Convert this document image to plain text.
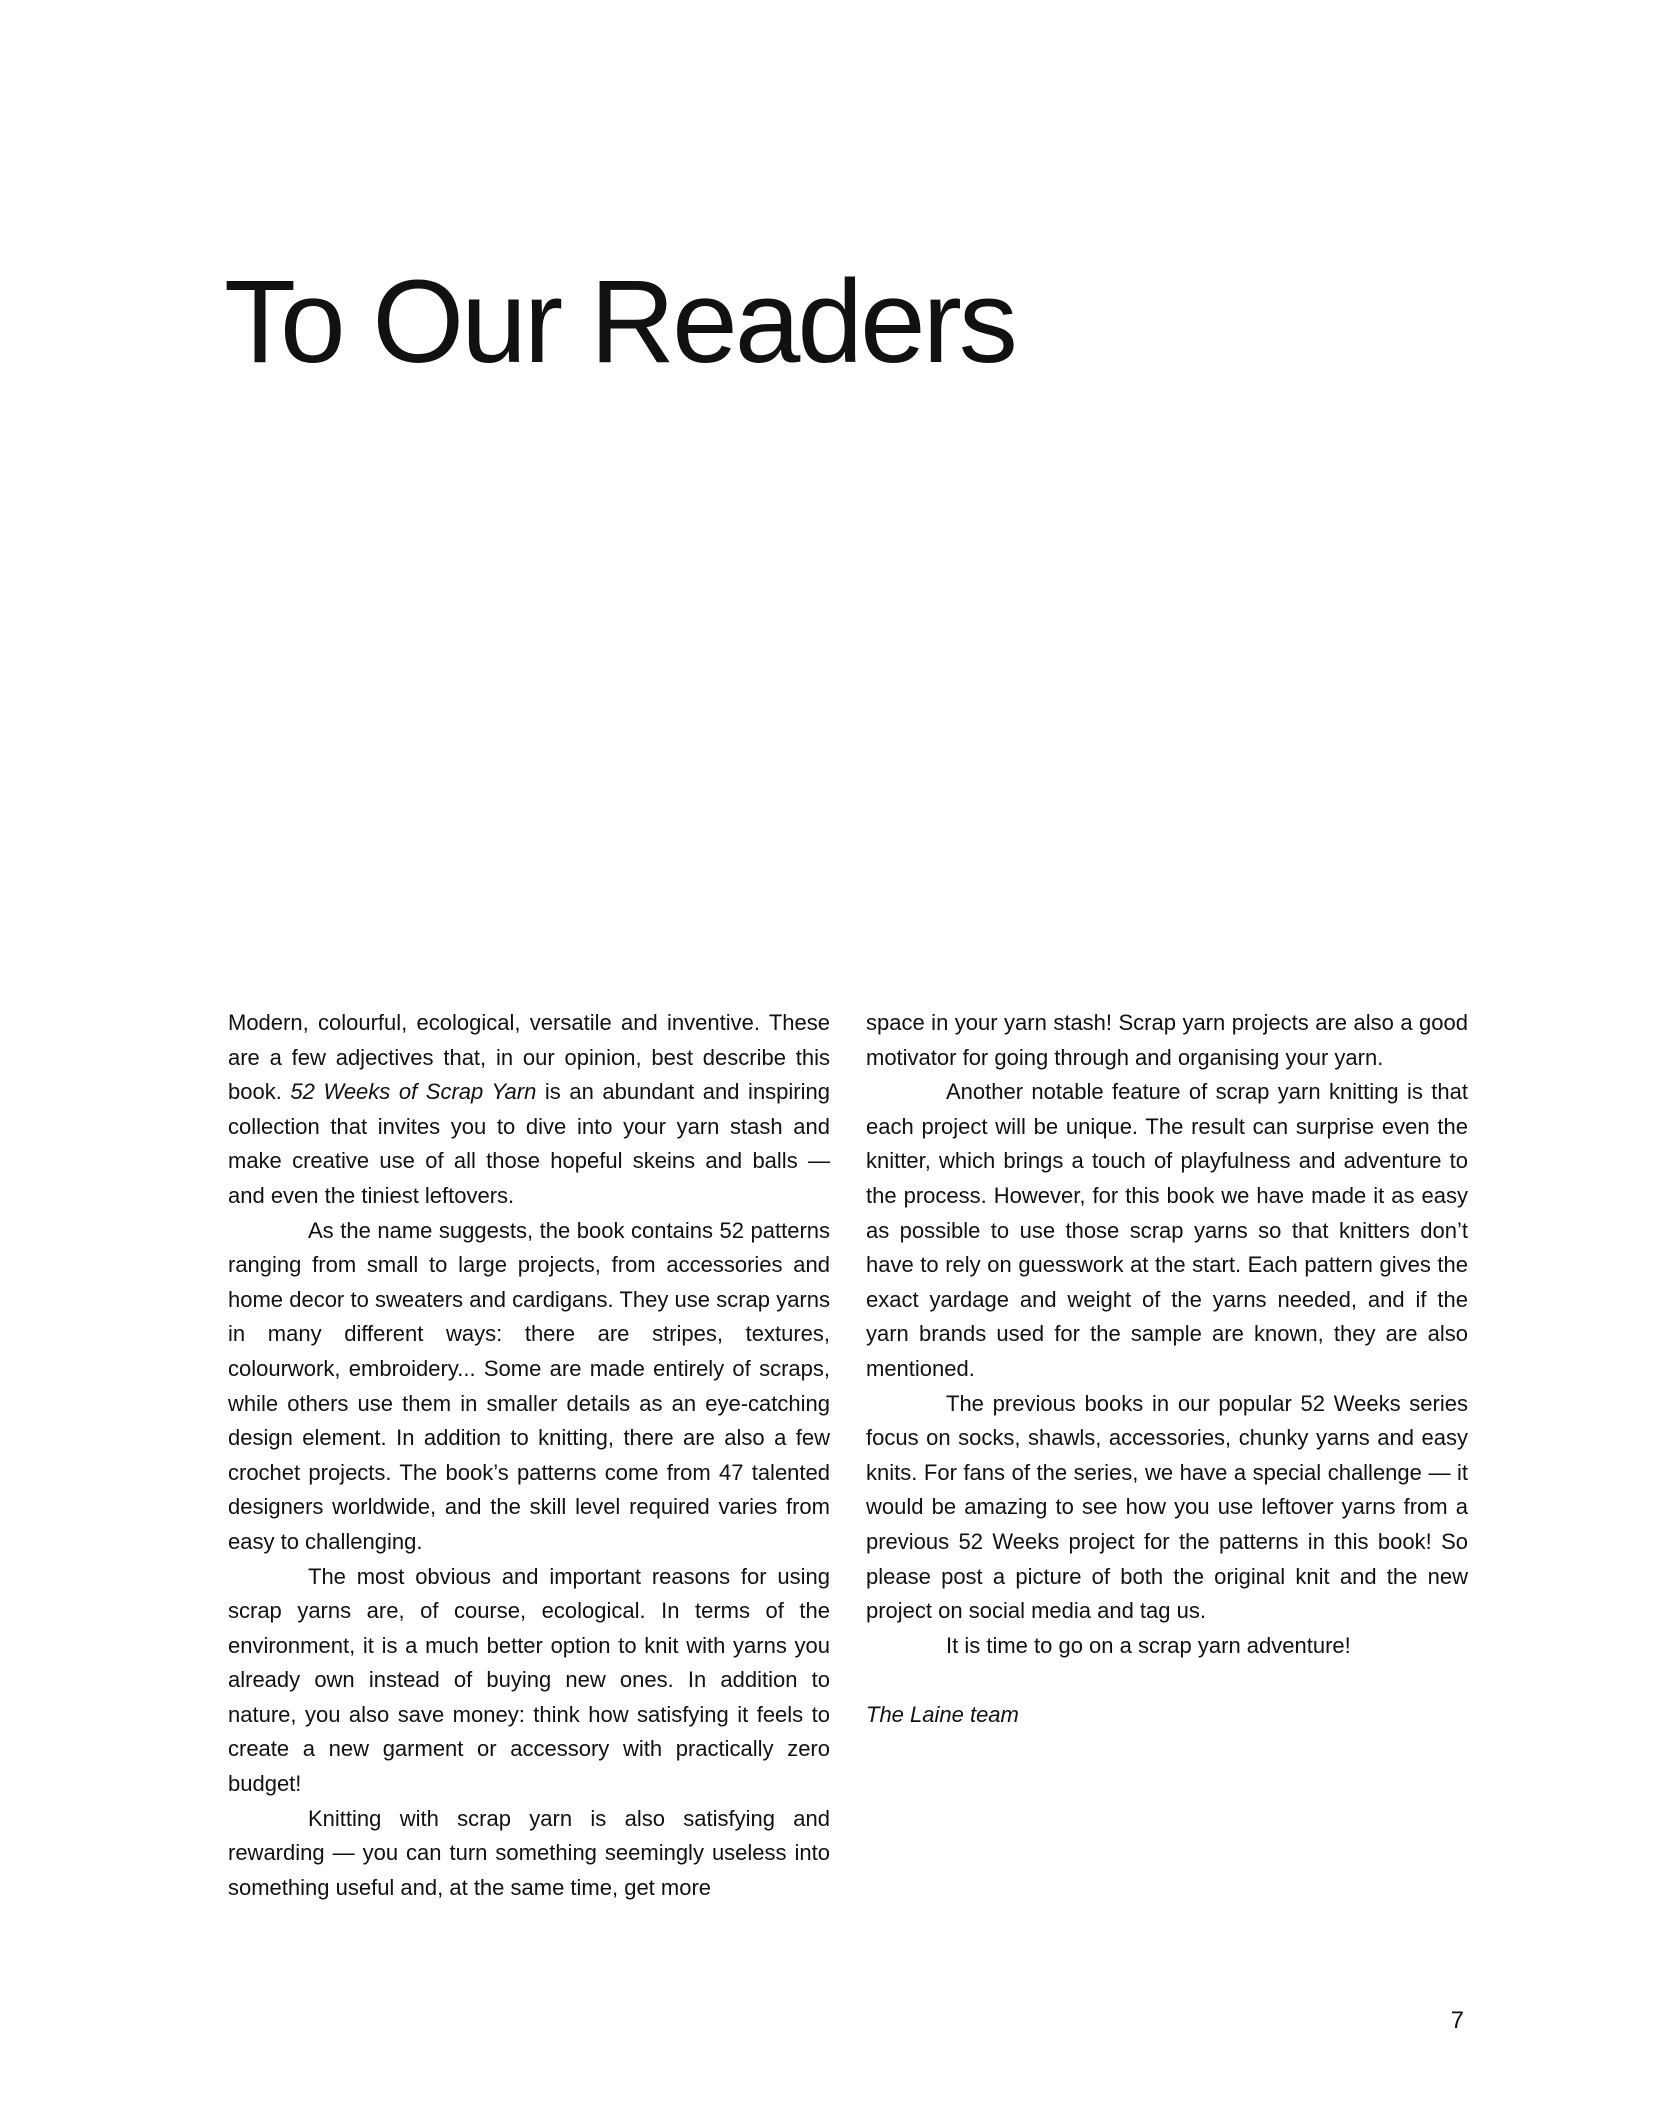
To Our Readers

Modern, colourful, ecological, versatile and inventive. These are a few adjectives that, in our opinion, best describe this book. 52 Weeks of Scrap Yarn is an abundant and inspiring collection that invites you to dive into your yarn stash and make creative use of all those hopeful skeins and balls — and even the tiniest leftovers.

As the name suggests, the book contains 52 patterns ranging from small to large projects, from accessories and home decor to sweaters and cardigans. They use scrap yarns in many different ways: there are stripes, textures, colourwork, embroidery... Some are made entirely of scraps, while others use them in smaller details as an eye-catching design element. In addition to knitting, there are also a few crochet projects. The book’s patterns come from 47 talented designers worldwide, and the skill level required varies from easy to challenging.

The most obvious and important reasons for using scrap yarns are, of course, ecological. In terms of the environment, it is a much better option to knit with yarns you already own instead of buying new ones. In addition to nature, you also save money: think how satisfying it feels to create a new garment or accessory with practically zero budget!

Knitting with scrap yarn is also satisfying and rewarding — you can turn something seemingly useless into something useful and, at the same time, get more

space in your yarn stash! Scrap yarn projects are also a good motivator for going through and organising your yarn.

Another notable feature of scrap yarn knitting is that each project will be unique. The result can surprise even the knitter, which brings a touch of playfulness and adventure to the process. However, for this book we have made it as easy as possible to use those scrap yarns so that knitters don’t have to rely on guesswork at the start. Each pattern gives the exact yardage and weight of the yarns needed, and if the yarn brands used for the sample are known, they are also mentioned.

The previous books in our popular 52 Weeks series focus on socks, shawls, accessories, chunky yarns and easy knits. For fans of the series, we have a special challenge — it would be amazing to see how you use leftover yarns from a previous 52 Weeks project for the patterns in this book! So please post a picture of both the original knit and the new project on social media and tag us.

It is time to go on a scrap yarn adventure!

The Laine team

7
